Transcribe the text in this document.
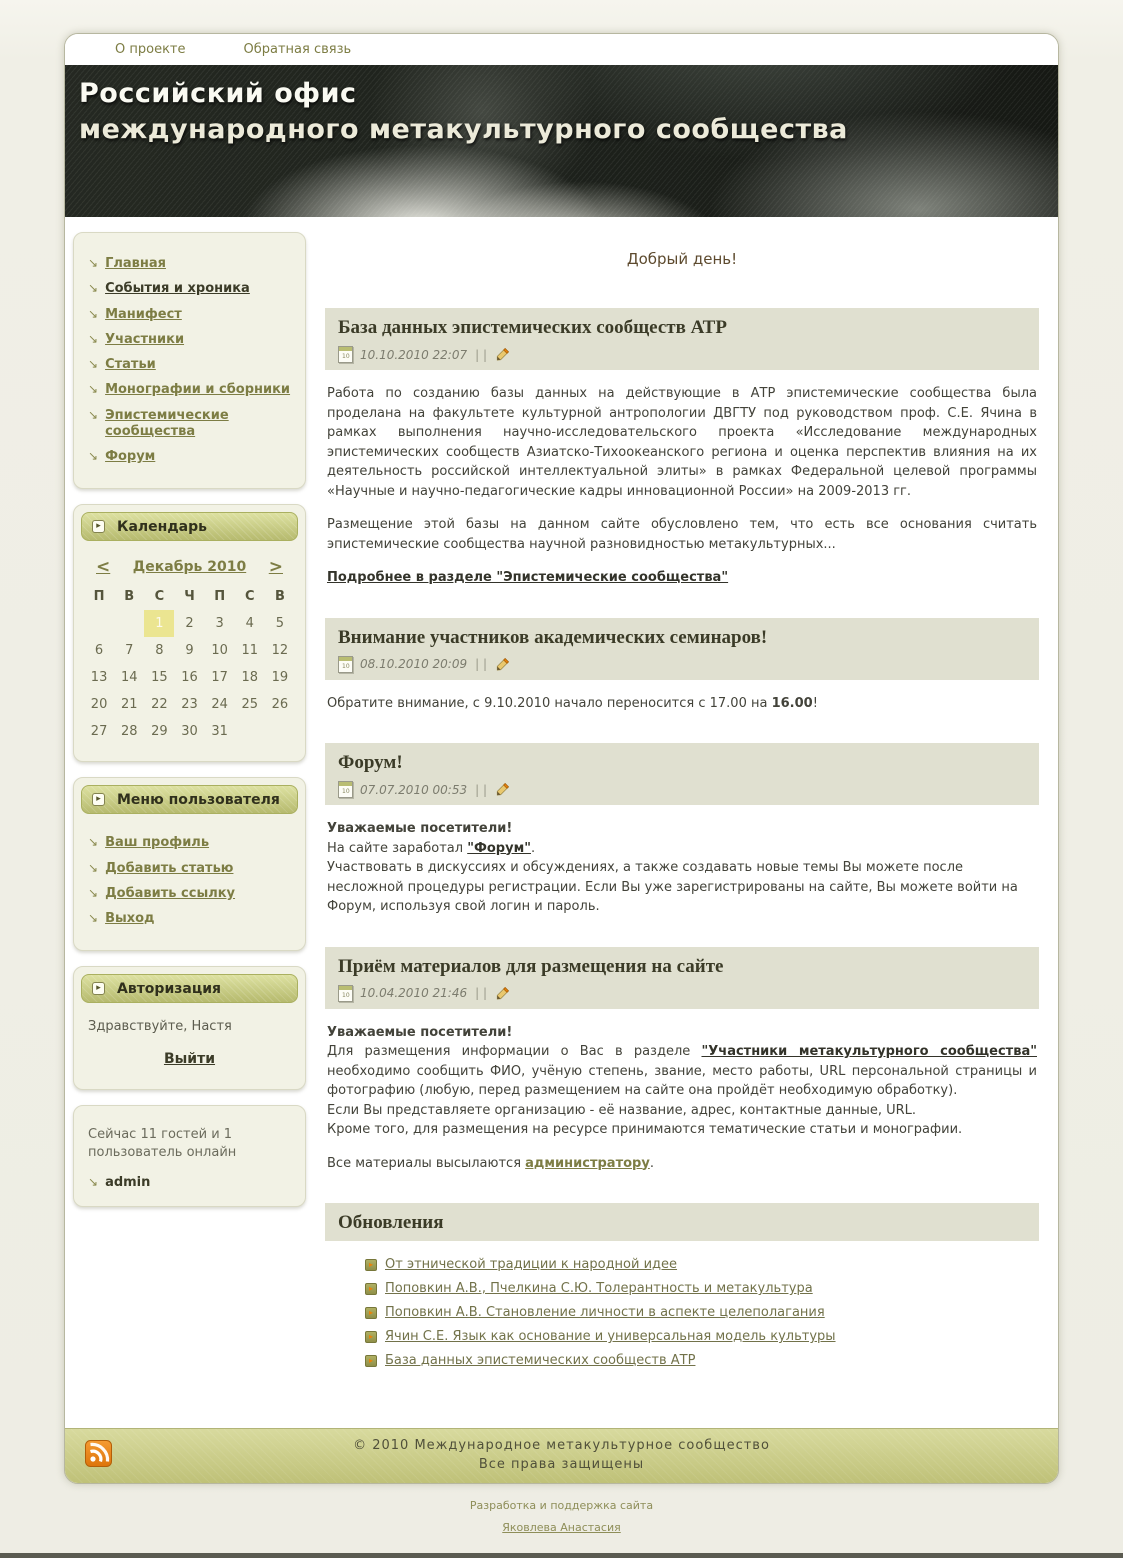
О проекте	Обратная связь
Российский офис
международного метакультурного сообщества
↘ Главная
↘ События и хроника
↘ Манифест
↘ Участники
↘ Статьи
↘ Монографии и сборники
↘ Эпистемические сообщества
↘ Форум
▸
Календарь
< Декабрь 2010 >
П	В	С	Ч	П	С	В
		1	2	3	4	5
6	7	8	9	10	11	12
13	14	15	16	17	18	19
20	21	22	23	24	25	26
27	28	29	30	31		
▸
Меню пользователя
↘ Ваш профиль
↘ Добавить статью
↘ Добавить ссылку
↘ Выход
▸
Авторизация
Здравствуйте, Настя
Выйти
Сейчас 11 гостей и 1 пользователь онлайн
↘ admin
Добрый день!
База данных эпистемических сообществ АТР
10 10.10.2010 22:07 | |

Работа по созданию базы данных на действующие в АТР эпистемические сообщества была проделана на факультете культурной антропологии ДВГТУ под руководством проф. С.Е. Ячина в рамках выполнения научно-исследовательского проекта «Исследование международных эпистемических сообществ Азиатско-Тихоокеанского региона и оценка перспектив влияния на их деятельность российской интеллектуальной элиты» в рамках Федеральной целевой программы «Научные и научно-педагогические кадры инновационной России» на 2009-2013 гг.

Размещение этой базы на данном сайте обусловлено тем, что есть все основания считать эпистемические сообщества научной разновидностью метакультурных...

Подробнее в разделе "Эпистемические сообщества"

Внимание участников академических семинаров!
10 08.10.2010 20:09 | |

Обратите внимание, с 9.10.2010 начало переносится с 17.00 на 16.00!

Форум!
10 07.07.2010 00:53 | |

Уважаемые посетители!

На сайте заработал "Форум".

Участвовать в дискуссиях и обсуждениях, а также создавать новые темы Вы можете после несложной процедуры регистрации. Если Вы уже зарегистрированы на сайте, Вы можете войти на Форум, используя свой логин и пароль.

Приём материалов для размещения на сайте
10 10.04.2010 21:46 | |

Уважаемые посетители!

Для размещения информации о Вас в разделе "Участники метакультурного сообщества" необходимо сообщить ФИО, учёную степень, звание, место работы, URL персональной страницы и фотографию (любую, перед размещением на сайте она пройдёт необходимую обработку).

Если Вы представляете организацию - её название, адрес, контактные данные, URL.

Кроме того, для размещения на ресурсе принимаются тематические статьи и монографии.

Все материалы высылаются администратору.

Обновления
▸
От этнической традиции к народной идее
▸
Поповкин А.В., Пчелкина С.Ю. Толерантность и метакультура
▸
Поповкин А.В. Становление личности в аспекте целеполагания
▸
Ячин С.Е. Язык как основание и универсальная модель культуры
▸
База данных эпистемических сообществ АТР
© 2010 Международное метакультурное сообщество
Все права защищены
Разработка и поддержка сайта
Яковлева Анастасия
